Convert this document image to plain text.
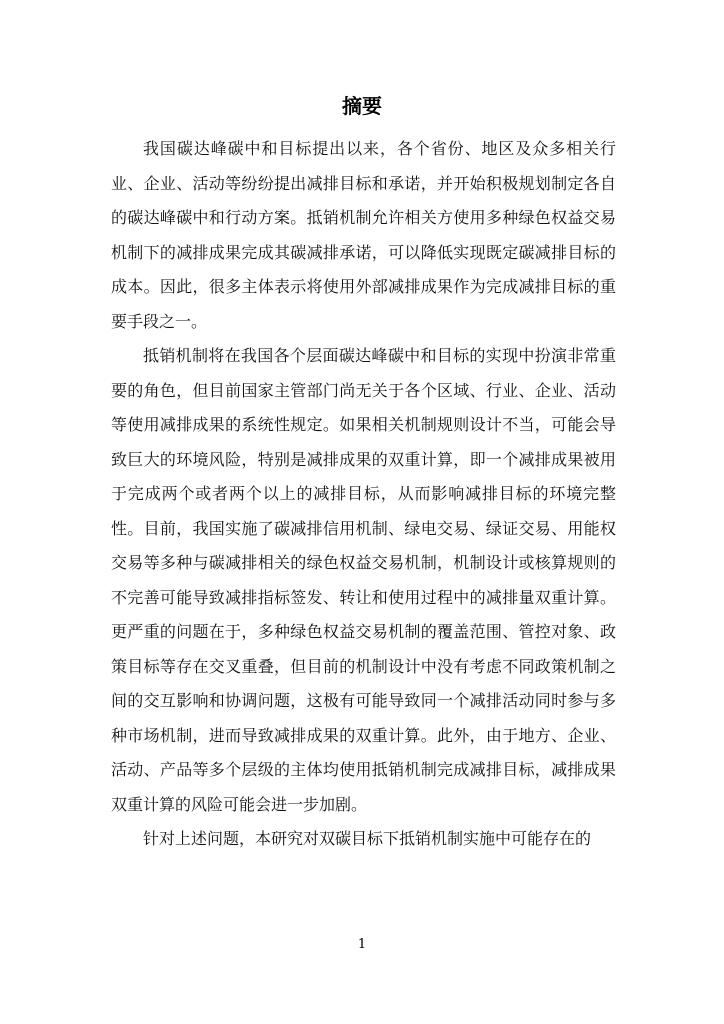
摘要

我国碳达峰碳中和目标提出以来，各个省份、地区及众多相关行业、企业、活动等纷纷提出减排目标和承诺，并开始积极规划制定各自的碳达峰碳中和行动方案。抵销机制允许相关方使用多种绿色权益交易机制下的减排成果完成其碳减排承诺，可以降低实现既定碳减排目标的成本。因此，很多主体表示将使用外部减排成果作为完成减排目标的重要手段之一。

抵销机制将在我国各个层面碳达峰碳中和目标的实现中扮演非常重要的角色，但目前国家主管部门尚无关于各个区域、行业、企业、活动等使用减排成果的系统性规定。如果相关机制规则设计不当，可能会导致巨大的环境风险，特别是减排成果的双重计算，即一个减排成果被用于完成两个或者两个以上的减排目标，从而影响减排目标的环境完整性。目前，我国实施了碳减排信用机制、绿电交易、绿证交易、用能权交易等多种与碳减排相关的绿色权益交易机制，机制设计或核算规则的不完善可能导致减排指标签发、转让和使用过程中的减排量双重计算。更严重的问题在于，多种绿色权益交易机制的覆盖范围、管控对象、政策目标等存在交叉重叠，但目前的机制设计中没有考虑不同政策机制之间的交互影响和协调问题，这极有可能导致同一个减排活动同时参与多种市场机制，进而导致减排成果的双重计算。此外，由于地方、企业、活动、产品等多个层级的主体均使用抵销机制完成减排目标，减排成果双重计算的风险可能会进一步加剧。

针对上述问题，本研究对双碳目标下抵销机制实施中可能存在的

1
